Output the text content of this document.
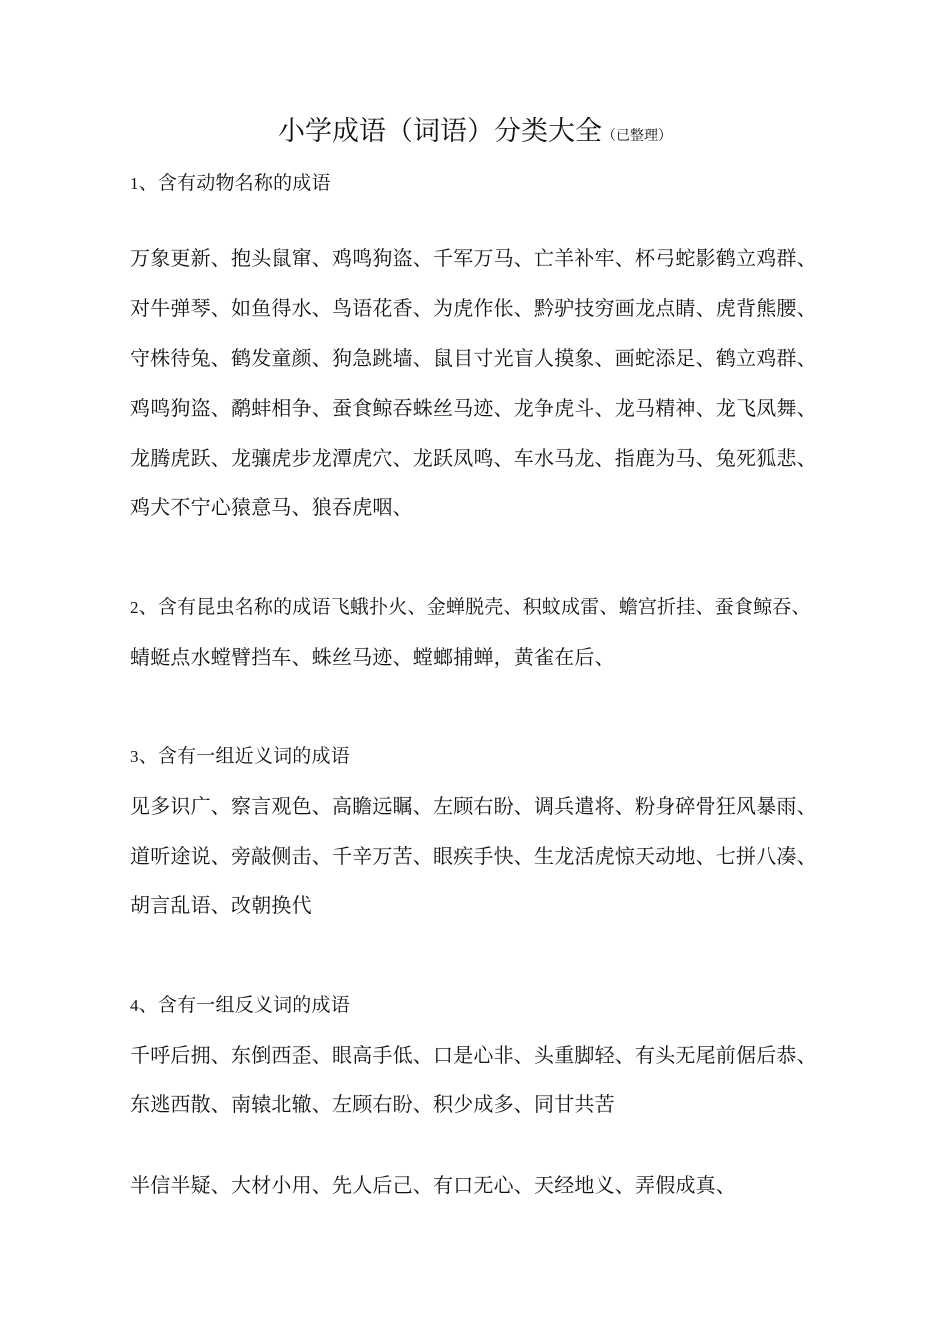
小学成语（词语）分类大全（已整理）
1、含有动物名称的成语
万象更新、抱头鼠窜、鸡鸣狗盗、千军万马、亡羊补牢、杯弓蛇影鹤立鸡群、
对牛弹琴、如鱼得水、鸟语花香、为虎作伥、黔驴技穷画龙点睛、虎背熊腰、
守株待兔、鹤发童颜、狗急跳墙、鼠目寸光盲人摸象、画蛇添足、鹤立鸡群、
鸡鸣狗盗、鹬蚌相争、蚕食鲸吞蛛丝马迹、龙争虎斗、龙马精神、龙飞凤舞、
龙腾虎跃、龙骧虎步龙潭虎穴、龙跃凤鸣、车水马龙、指鹿为马、兔死狐悲、
鸡犬不宁心猿意马、狼吞虎咽、
2、含有昆虫名称的成语飞蛾扑火、金蝉脱壳、积蚊成雷、蟾宫折挂、蚕食鲸吞、
蜻蜓点水螳臂挡车、蛛丝马迹、螳螂捕蝉，黄雀在后、
3、含有一组近义词的成语
见多识广、察言观色、高瞻远瞩、左顾右盼、调兵遣将、粉身碎骨狂风暴雨、
道听途说、旁敲侧击、千辛万苦、眼疾手快、生龙活虎惊天动地、七拼八凑、
胡言乱语、改朝换代
4、含有一组反义词的成语
千呼后拥、东倒西歪、眼高手低、口是心非、头重脚轻、有头无尾前倨后恭、
东逃西散、南辕北辙、左顾右盼、积少成多、同甘共苦
半信半疑、大材小用、先人后己、有口无心、天经地义、弄假成真、
